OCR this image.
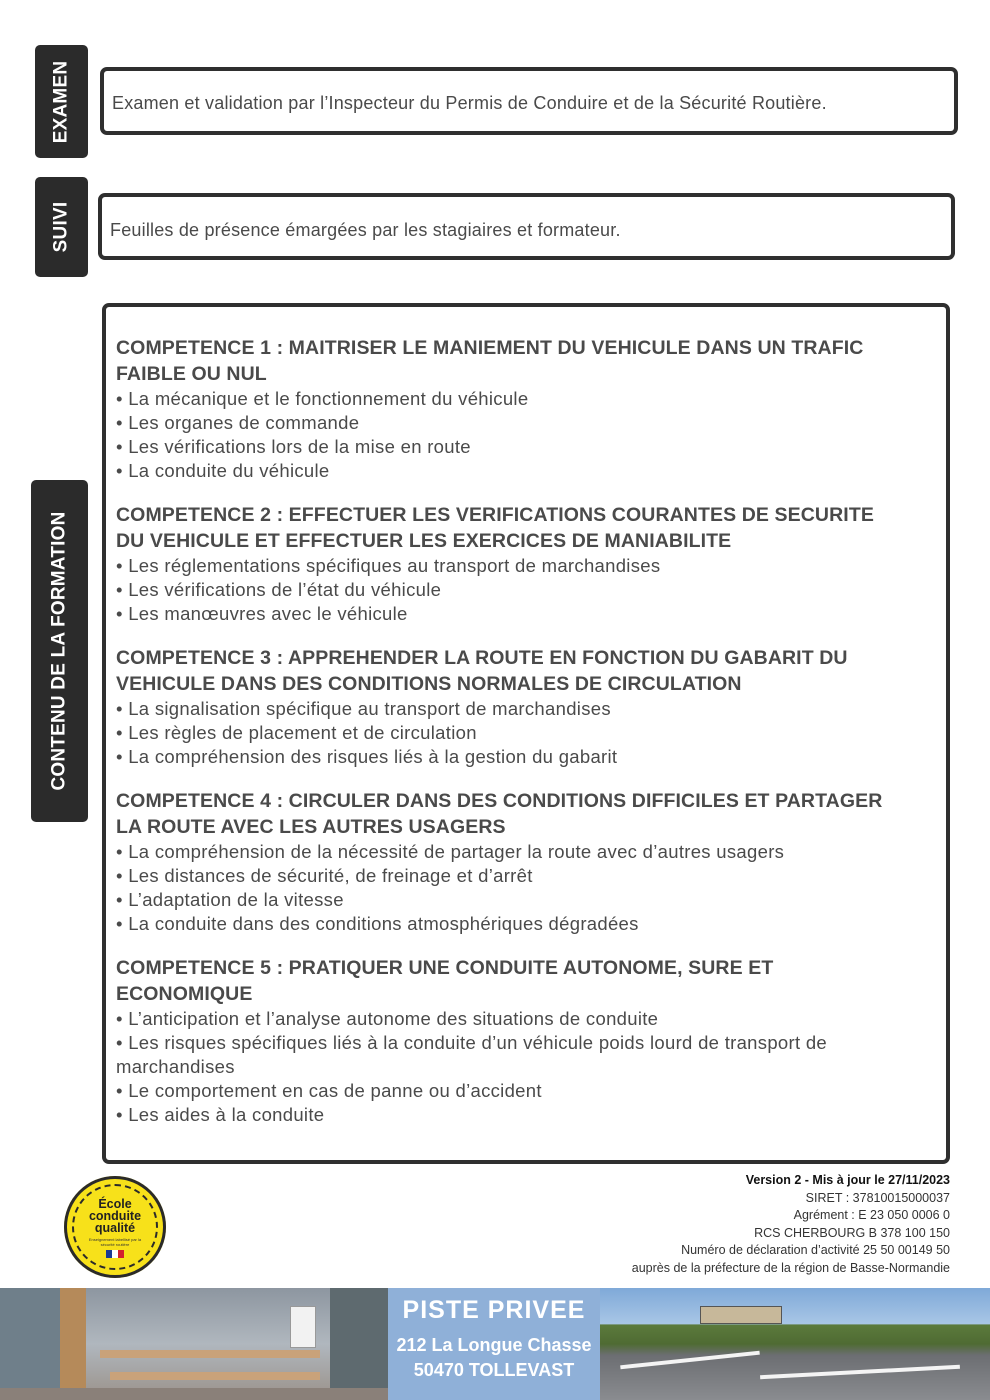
EXAMEN Examen et validation par l’Inspecteur du Permis de Conduire et de la Sécurité Routière.
SUIVI Feuilles de présence émargées par les stagiaires et formateur.
CONTENU DE LA FORMATION
COMPETENCE 1 : MAITRISER LE MANIEMENT DU VEHICULE DANS UN TRAFIC
FAIBLE OU NUL
• La mécanique et le fonctionnement du véhicule
• Les organes de commande
• Les vérifications lors de la mise en route
• La conduite du véhicule
COMPETENCE 2 : EFFECTUER LES VERIFICATIONS COURANTES DE SECURITE
DU VEHICULE ET EFFECTUER LES EXERCICES DE MANIABILITE
• Les réglementations spécifiques au transport de marchandises
• Les vérifications de l’état du véhicule
• Les manœuvres avec le véhicule
COMPETENCE 3 : APPREHENDER LA ROUTE EN FONCTION DU GABARIT DU
VEHICULE DANS DES CONDITIONS NORMALES DE CIRCULATION
• La signalisation spécifique au transport de marchandises
• Les règles de placement et de circulation
• La compréhension des risques liés à la gestion du gabarit
COMPETENCE 4 : CIRCULER DANS DES CONDITIONS DIFFICILES ET PARTAGER
LA ROUTE AVEC LES AUTRES USAGERS
• La compréhension de la nécessité de partager la route avec d’autres usagers
• Les distances de sécurité, de freinage et d’arrêt
• L’adaptation de la vitesse
• La conduite dans des conditions atmosphériques dégradées
COMPETENCE 5 : PRATIQUER UNE CONDUITE AUTONOME, SURE ET
ECONOMIQUE
• L’anticipation et l’analyse autonome des situations de conduite
• Les risques spécifiques liés à la conduite d’un véhicule poids lourd de transport de
marchandises
• Le comportement en cas de panne ou d’accident
• Les aides à la conduite
École
conduite
qualité
Enseignement labellisé par la sécurité routière
Version 2 - Mis à jour le 27/11/2023
SIRET : 37810015000037
Agrément : E 23 050 0006 0
RCS CHERBOURG B 378 100 150
Numéro de déclaration d’activité 25 50 00149 50
auprès de la préfecture de la région de Basse-Normandie
PISTE PRIVEE
212 La Longue Chasse
50470 TOLLEVAST
